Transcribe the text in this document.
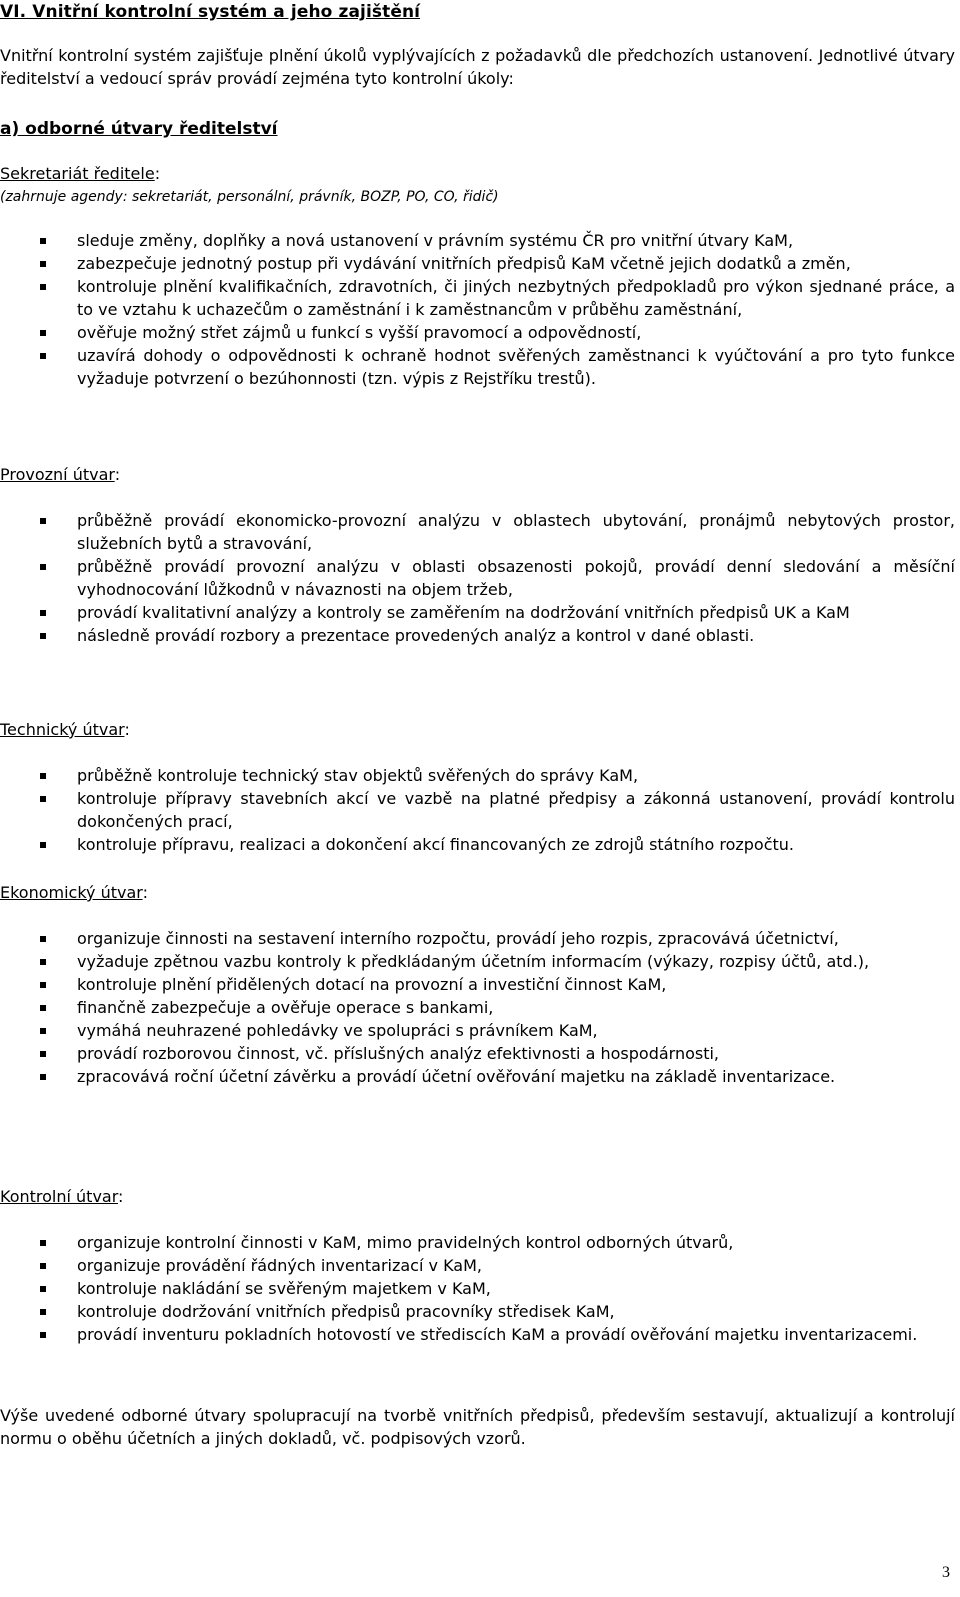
VI. Vnitřní kontrolní systém a jeho zajištění
Vnitřní kontrolní systém zajišťuje plnění úkolů vyplývajících z požadavků dle předchozích ustanovení. Jednotlivé útvary ředitelství a vedoucí správ provádí zejména tyto kontrolní úkoly:
a) odborné útvary ředitelství
Sekretariát ředitele:
(zahrnuje agendy: sekretariát, personální, právník, BOZP, PO, CO, řidič)
sleduje změny, doplňky a nová ustanovení v právním systému ČR pro vnitřní útvary KaM,
zabezpečuje jednotný postup při vydávání vnitřních předpisů KaM včetně jejich dodatků a změn,
kontroluje plnění kvalifikačních, zdravotních, či jiných nezbytných předpokladů pro výkon sjednané práce, a to ve vztahu k uchazečům o zaměstnání i k zaměstnancům v průběhu zaměstnání,
ověřuje možný střet zájmů u funkcí s vyšší pravomocí a odpovědností,
uzavírá dohody o odpovědnosti k ochraně hodnot svěřených zaměstnanci k vyúčtování a pro tyto funkce vyžaduje potvrzení o bezúhonnosti (tzn. výpis z Rejstříku trestů).
Provozní útvar:
průběžně provádí ekonomicko-provozní analýzu v oblastech ubytování, pronájmů nebytových prostor, služebních bytů a stravování,
průběžně provádí provozní analýzu v oblasti obsazenosti pokojů, provádí denní sledování a měsíční vyhodnocování lůžkodnů v návaznosti na objem tržeb,
provádí kvalitativní analýzy a kontroly se zaměřením na dodržování vnitřních předpisů UK a KaM
následně provádí rozbory a prezentace provedených analýz a kontrol v dané oblasti.
Technický útvar:
průběžně kontroluje technický stav objektů svěřených do správy KaM,
kontroluje přípravy stavebních akcí ve vazbě na platné předpisy a zákonná ustanovení, provádí kontrolu dokončených prací,
kontroluje přípravu, realizaci a dokončení akcí financovaných ze zdrojů státního rozpočtu.
Ekonomický útvar:
organizuje činnosti na sestavení interního rozpočtu, provádí jeho rozpis, zpracovává účetnictví,
vyžaduje zpětnou vazbu kontroly k předkládaným účetním informacím (výkazy, rozpisy účtů, atd.),
kontroluje plnění přidělených dotací na provozní a investiční činnost KaM,
finančně zabezpečuje a ověřuje operace s bankami,
vymáhá neuhrazené pohledávky ve spolupráci s právníkem KaM,
provádí rozborovou činnost, vč. příslušných analýz efektivnosti a hospodárnosti,
zpracovává roční účetní závěrku a provádí účetní ověřování majetku na základě inventarizace.
Kontrolní útvar:
organizuje kontrolní činnosti v KaM, mimo pravidelných kontrol odborných útvarů,
organizuje provádění řádných inventarizací v KaM,
kontroluje nakládání se svěřeným majetkem v KaM,
kontroluje dodržování vnitřních předpisů pracovníky středisek KaM,
provádí inventuru pokladních hotovostí ve střediscích KaM a provádí ověřování majetku inventarizacemi.
Výše uvedené odborné útvary spolupracují na tvorbě vnitřních předpisů, především sestavují, aktualizují a kontrolují normu o oběhu účetních a jiných dokladů, vč. podpisových vzorů.
3
